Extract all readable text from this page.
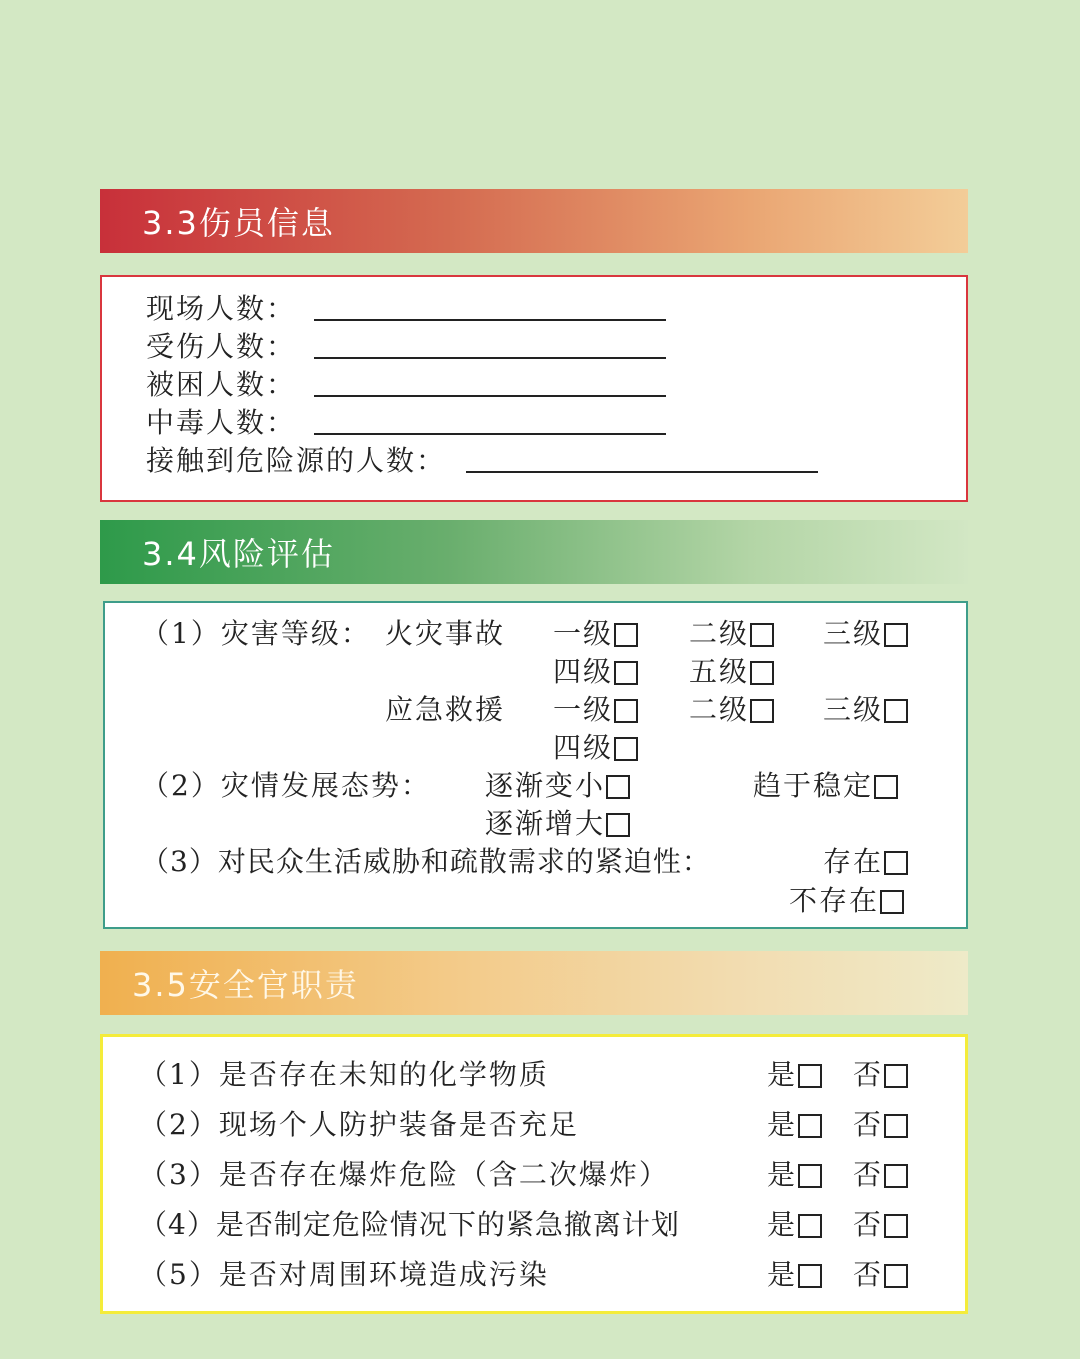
3.3伤员信息
现场人数：
受伤人数：
被困人数：
中毒人数：
接触到危险源的人数：
3.4风险评估
（1）灾害等级： 火灾事故 一级	二级	三级
四级	五级
应急救援 一级	二级	三级
四级
（2）灾情发展态势： 逐渐变小	趋于稳定
逐渐增大
（3）对民众生活威胁和疏散需求的紧迫性：	存在
不存在
3.5安全官职责
（1）是否存在未知的化学物质	是	否
（2）现场个人防护装备是否充足	是	否
（3）是否存在爆炸危险（含二次爆炸）	是	否
（4）是否制定危险情况下的紧急撤离计划	是	否
（5）是否对周围环境造成污染	是	否
